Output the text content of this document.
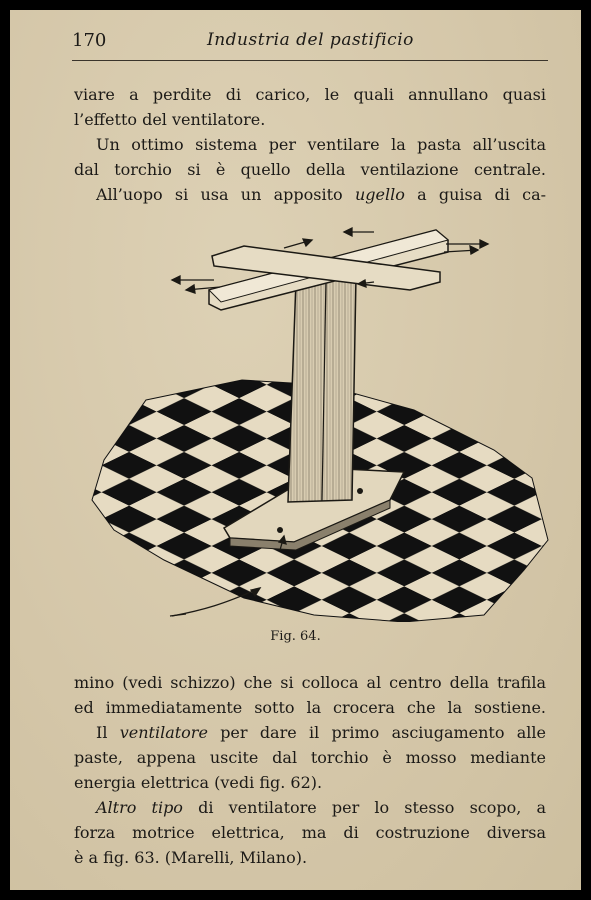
170	Industria del pastificio
viare a perdite di carico, le quali annullano quasi
l’effetto del ventilatore.
Un ottimo sistema per ventilare la pasta all’uscita
dal torchio si è quello della ventilazione centrale.
All’uopo si usa un apposito ugello a guisa di ca-
Fig. 64.
mino (vedi schizzo) che si colloca al centro della trafila
ed immediatamente sotto la crocera che la sostiene.
Il ventilatore per dare il primo asciugamento alle
paste, appena uscite dal torchio è mosso mediante
energia elettrica (vedi fig. 62).
Altro tipo di ventilatore per lo stesso scopo, a
forza motrice elettrica, ma di costruzione diversa
è a fig. 63. (Marelli, Milano).
